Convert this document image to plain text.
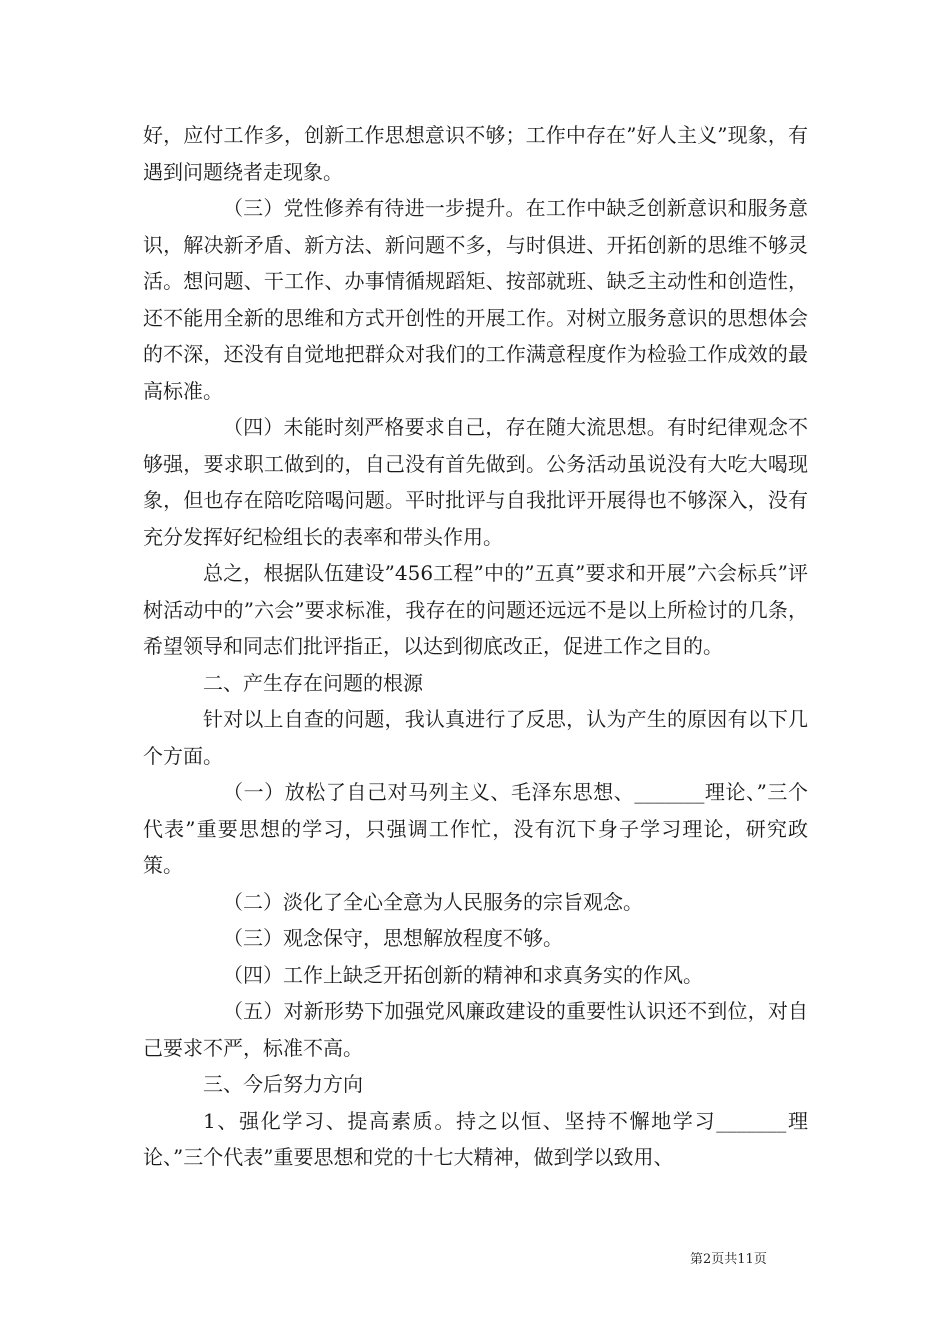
好，应付工作多，创新工作思想意识不够；工作中存在”好人主义”现象，有遇到问题绕者走现象。

（三）党性修养有待进一步提升。在工作中缺乏创新意识和服务意识，解决新矛盾、新方法、新问题不多，与时俱进、开拓创新的思维不够灵活。想问题、干工作、办事情循规蹈矩、按部就班、缺乏主动性和创造性，还不能用全新的思维和方式开创性的开展工作。对树立服务意识的思想体会的不深，还没有自觉地把群众对我们的工作满意程度作为检验工作成效的最高标准。

（四）未能时刻严格要求自己，存在随大流思想。有时纪律观念不够强，要求职工做到的，自己没有首先做到。公务活动虽说没有大吃大喝现象，但也存在陪吃陪喝问题。平时批评与自我批评开展得也不够深入，没有充分发挥好纪检组长的表率和带头作用。

总之，根据队伍建设”456工程”中的”五真”要求和开展”六会标兵”评树活动中的”六会”要求标准，我存在的问题还远远不是以上所检讨的几条，希望领导和同志们批评指正，以达到彻底改正，促进工作之目的。

二、产生存在问题的根源

针对以上自查的问题，我认真进行了反思，认为产生的原因有以下几个方面。

（一）放松了自己对马列主义、毛泽东思想、_______理论、”三个代表”重要思想的学习，只强调工作忙，没有沉下身子学习理论，研究政策。

（二）淡化了全心全意为人民服务的宗旨观念。

（三）观念保守，思想解放程度不够。

（四）工作上缺乏开拓创新的精神和求真务实的作风。

（五）对新形势下加强党风廉政建设的重要性认识还不到位，对自己要求不严，标准不高。

三、今后努力方向

1、强化学习、提高素质。持之以恒、坚持不懈地学习_______理论、”三个代表”重要思想和党的十七大精神，做到学以致用、

第2页共11页
